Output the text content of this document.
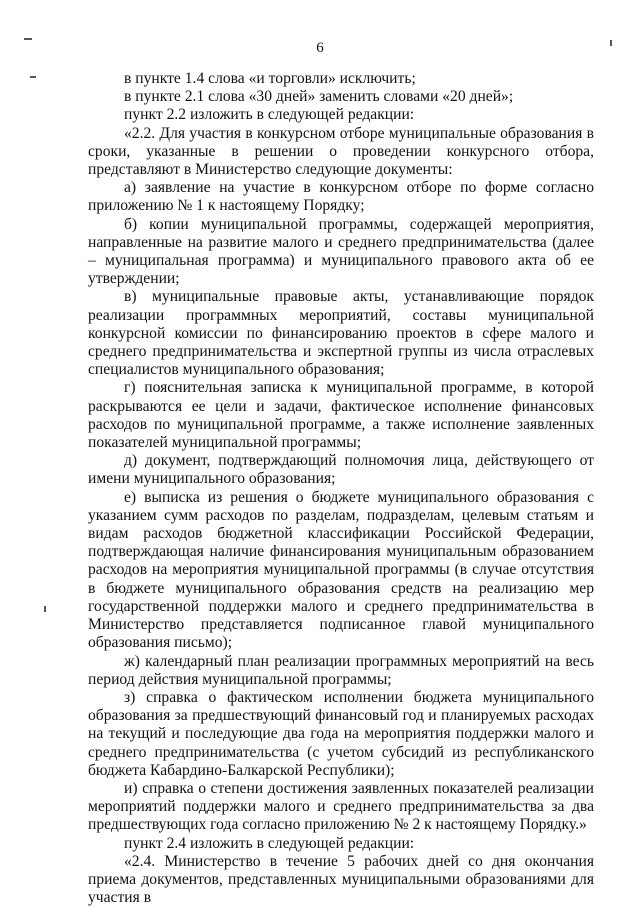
6

в пункте 1.4 слова «и торговли» исключить;

в пункте 2.1 слова «30 дней» заменить словами «20 дней»;

пункт 2.2 изложить в следующей редакции:

«2.2. Для участия в конкурсном отборе муниципальные образования в сроки, указанные в решении о проведении конкурсного отбора, представляют в Министерство следующие документы:

а) заявление на участие в конкурсном отборе по форме согласно приложению № 1 к настоящему Порядку;

б) копии муниципальной программы, содержащей мероприятия, направленные на развитие малого и среднего предпринимательства (далее – муниципальная программа) и муниципального правового акта об ее утверждении;

в) муниципальные правовые акты, устанавливающие порядок реализации программных мероприятий, составы муниципальной конкурсной комиссии по финансированию проектов в сфере малого и среднего предпринимательства и экспертной группы из числа отраслевых специалистов муниципального образования;

г) пояснительная записка к муниципальной программе, в которой раскрываются ее цели и задачи, фактическое исполнение финансовых расходов по муниципальной программе, а также исполнение заявленных показателей муниципальной программы;

д) документ, подтверждающий полномочия лица, действующего от имени муниципального образования;

е) выписка из решения о бюджете муниципального образования с указанием сумм расходов по разделам, подразделам, целевым статьям и видам расходов бюджетной классификации Российской Федерации, подтверждающая наличие финансирования муниципальным образованием расходов на мероприятия муниципальной программы (в случае отсутствия в бюджете муниципального образования средств на реализацию мер государственной поддержки малого и среднего предпринимательства в Министерство представляется подписанное главой муниципального образования письмо);

ж) календарный план реализации программных мероприятий на весь период действия муниципальной программы;

з) справка о фактическом исполнении бюджета муниципального образования за предшествующий финансовый год и планируемых расходах на текущий и последующие два года на мероприятия поддержки малого и среднего предпринимательства (с учетом субсидий из республиканского бюджета Кабардино-Балкарской Республики);

и) справка о степени достижения заявленных показателей реализации мероприятий поддержки малого и среднего предпринимательства за два предшествующих года согласно приложению № 2 к настоящему Порядку.»

пункт 2.4 изложить в следующей редакции:

«2.4. Министерство в течение 5 рабочих дней со дня окончания приема документов, представленных муниципальными образованиями для участия в
